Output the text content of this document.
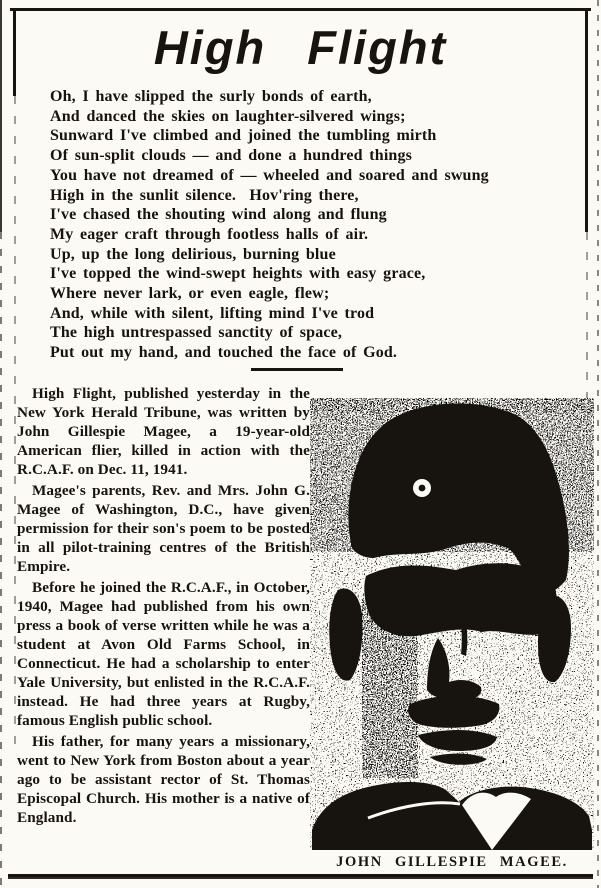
High Flight
Oh, I have slipped the surly bonds of earth,
And danced the skies on laughter-silvered wings;
Sunward I've climbed and joined the tumbling mirth
Of sun-split clouds — and done a hundred things
You have not dreamed of — wheeled and soared and swung
High in the sunlit silence.  Hov'ring there,
I've chased the shouting wind along and flung
My eager craft through footless halls of air.
Up, up the long delirious, burning blue
I've topped the wind-swept heights with easy grace,
Where never lark, or even eagle, flew;
And, while with silent, lifting mind I've trod
The high untrespassed sanctity of space,
Put out my hand, and touched the face of God.

High Flight, published yesterday in the New York Herald Tribune, was written by John Gillespie Magee, a 19-year-old American flier, killed in action with the R.C.A.F. on Dec. 11, 1941.

Magee's parents, Rev. and Mrs. John G. Magee of Washington, D.C., have given permission for their son's poem to be posted in all pilot-training centres of the British Empire.

Before he joined the R.C.A.F., in October, 1940, Magee had published from his own press a book of verse written while he was a student at Avon Old Farms School, in Connecticut. He had a scholarship to enter Yale University, but enlisted in the R.C.A.F. instead. He had three years at Rugby, famous English public school.

His father, for many years a missionary, went to New York from Boston about a year ago to be assistant rector of St. Thomas Episcopal Church. His mother is a native of England.

JOHN GILLESPIE MAGEE.
